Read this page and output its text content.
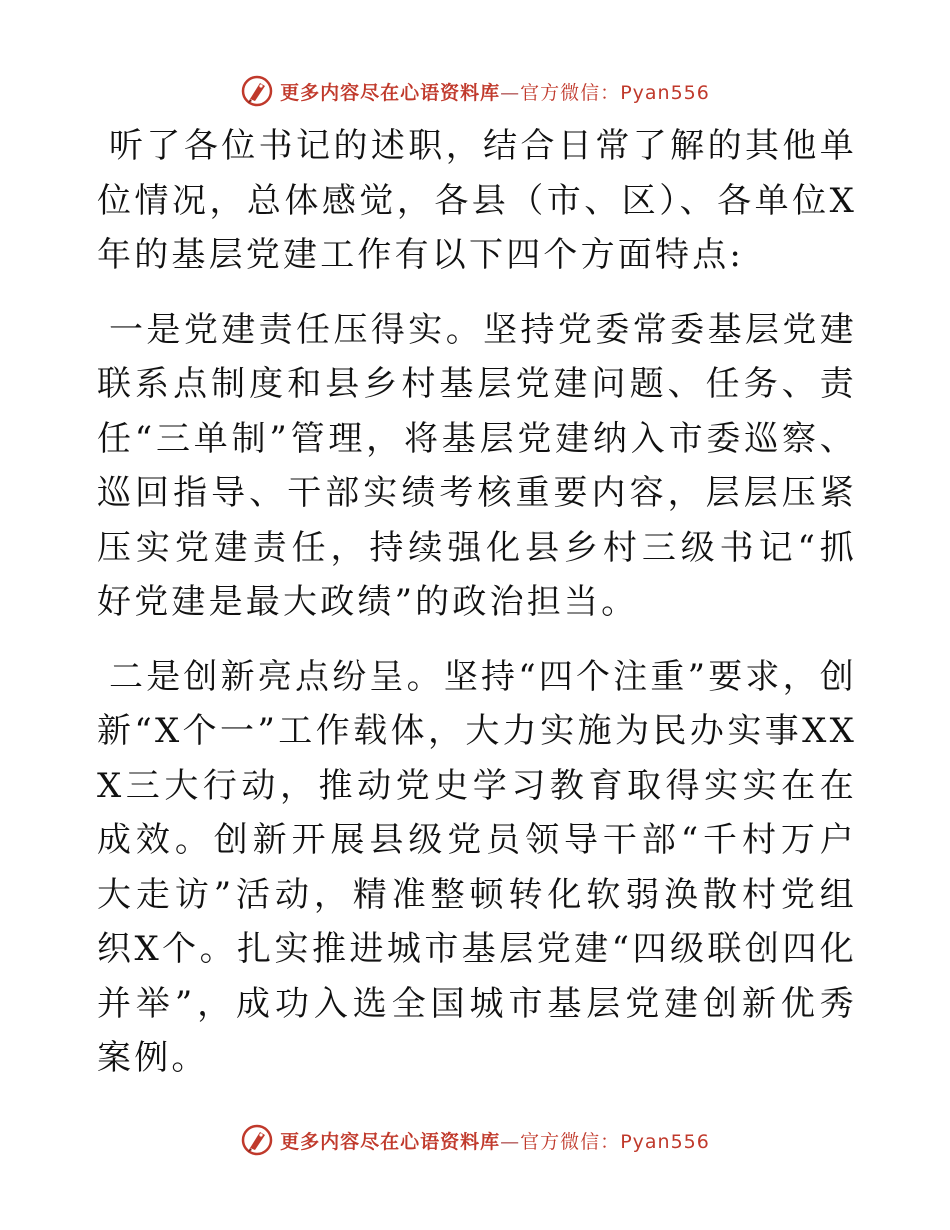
更多内容尽在心语资料库—官方微信：Pyan556

听了各位书记的述职，结合日常了解的其他单位情况，总体感觉，各县（市、区）、各单位X年的基层党建工作有以下四个方面特点:

一是党建责任压得实。坚持党委常委基层党建联系点制度和县乡村基层党建问题、任务、责任“三单制”管理，将基层党建纳入市委巡察、巡回指导、干部实绩考核重要内容，层层压紧压实党建责任，持续强化县乡村三级书记“抓好党建是最大政绩”的政治担当。

二是创新亮点纷呈。坚持“四个注重”要求，创新“X个一”工作载体，大力实施为民办实事XXX三大行动，推动党史学习教育取得实实在在成效。创新开展县级党员领导干部“千村万户大走访”活动，精准整顿转化软弱涣散村党组织X个。扎实推进城市基层党建“四级联创四化并举”，成功入选全国城市基层党建创新优秀案例。

更多内容尽在心语资料库—官方微信：Pyan556
